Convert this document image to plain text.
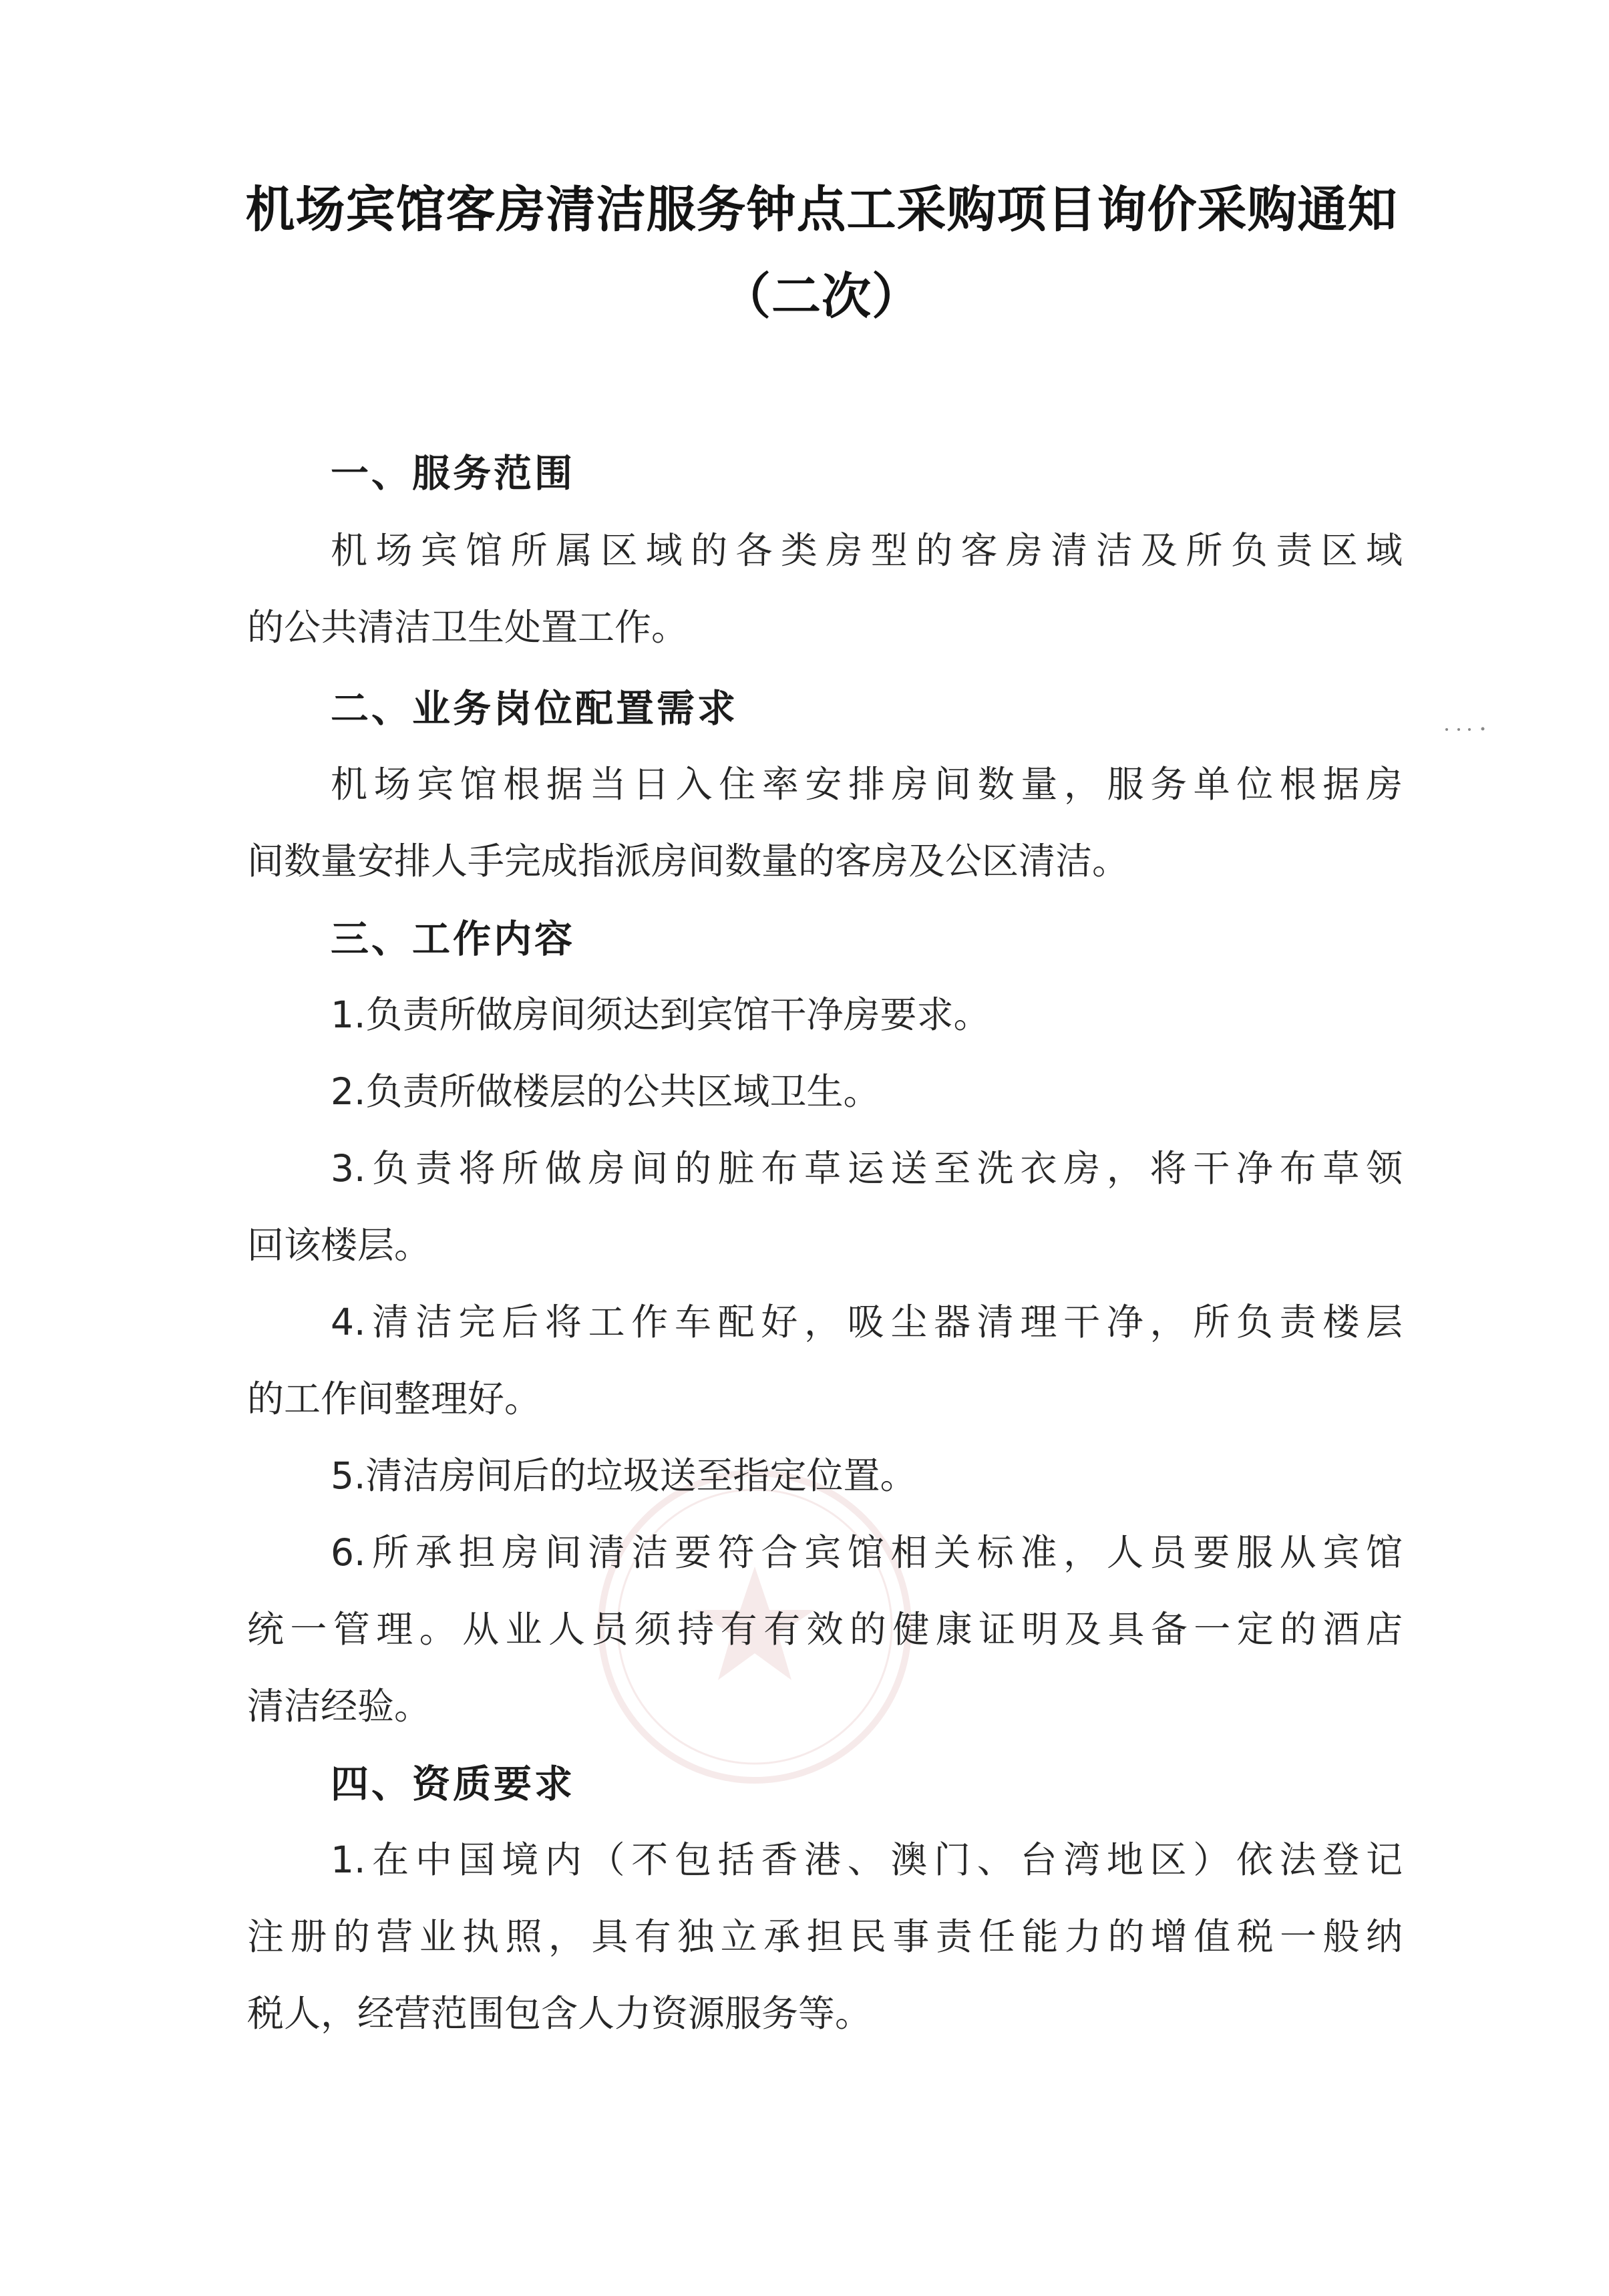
机场宾馆客房清洁服务钟点工采购项目询价采购通知
（二次）
一、服务范围
机场宾馆所属区域的各类房型的客房清洁及所负责区域
的公共清洁卫生处置工作。
二、业务岗位配置需求
机场宾馆根据当日入住率安排房间数量，服务单位根据房
间数量安排人手完成指派房间数量的客房及公区清洁。
三、工作内容
1.负责所做房间须达到宾馆干净房要求。
2.负责所做楼层的公共区域卫生。
3.负责将所做房间的脏布草运送至洗衣房，将干净布草领
回该楼层。
4.清洁完后将工作车配好，吸尘器清理干净，所负责楼层
的工作间整理好。
5.清洁房间后的垃圾送至指定位置。
6.所承担房间清洁要符合宾馆相关标准，人员要服从宾馆
统一管理。从业人员须持有有效的健康证明及具备一定的酒店
清洁经验。
四、资质要求
1.在中国境内（不包括香港、澳门、台湾地区）依法登记
注册的营业执照，具有独立承担民事责任能力的增值税一般纳
税人，经营范围包含人力资源服务等。
